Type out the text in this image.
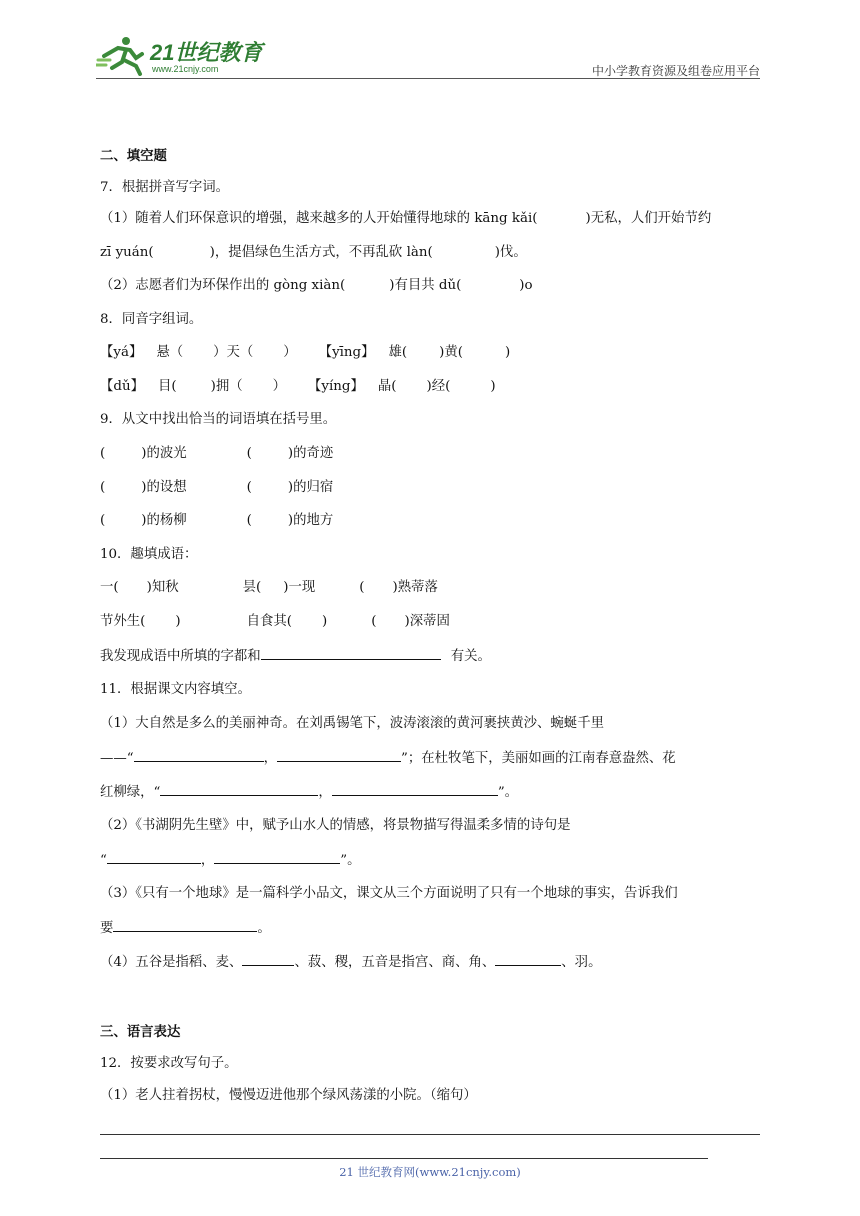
21世纪教育
www.21cnjy.com	中小学教育资源及组卷应用平台
二、填空题
7．根据拼音写字词。
（1）随着人们环保意识的增强，越来越多的人开始懂得地球的 kāng kǎi(	)无私，人们开始节约
zī yuán(	)，提倡绿色生活方式，不再乱砍 làn(	)伐。
（2）志愿者们为环保作出的 gòng xiàn(	)有目共 dǔ(	)o
8．同音字组词。
【yá】 悬（ ）天（ ） 【yīng】 雄( )黄(	)
【dǔ】 目(	)拥（ ） 【yíng】 晶( )经(	)
9．从文中找出恰当的词语填在括号里。
(	)的波光	(	)的奇迹
(	)的设想	(	)的归宿
(	)的杨柳	(	)的地方
10．趣填成语：
一( )知秋	昙( )一现	( )熟蒂落
节外生( )	自食其( )	( )深蒂固
我发现成语中所填的字都和	有关。
11．根据课文内容填空。
（1）大自然是多么的美丽神奇。在刘禹锡笔下，波涛滚滚的黄河裹挟黄沙、蜿蜒千里
——“	，	”；在杜牧笔下，美丽如画的江南春意盎然、花
红柳绿，“	，	”。
（2）《书湖阴先生壁》中，赋予山水人的情感，将景物描写得温柔多情的诗句是
“	，	”。
（3）《只有一个地球》是一篇科学小品文，课文从三个方面说明了只有一个地球的事实，告诉我们
要	。
（4）五谷是指稻、麦、	、菽、稷，五音是指宫、商、角、	、羽。
三、语言表达
12．按要求改写句子。
（1）老人拄着拐杖，慢慢迈进他那个绿风荡漾的小院。（缩句）
21 世纪教育网(www.21cnjy.com)
